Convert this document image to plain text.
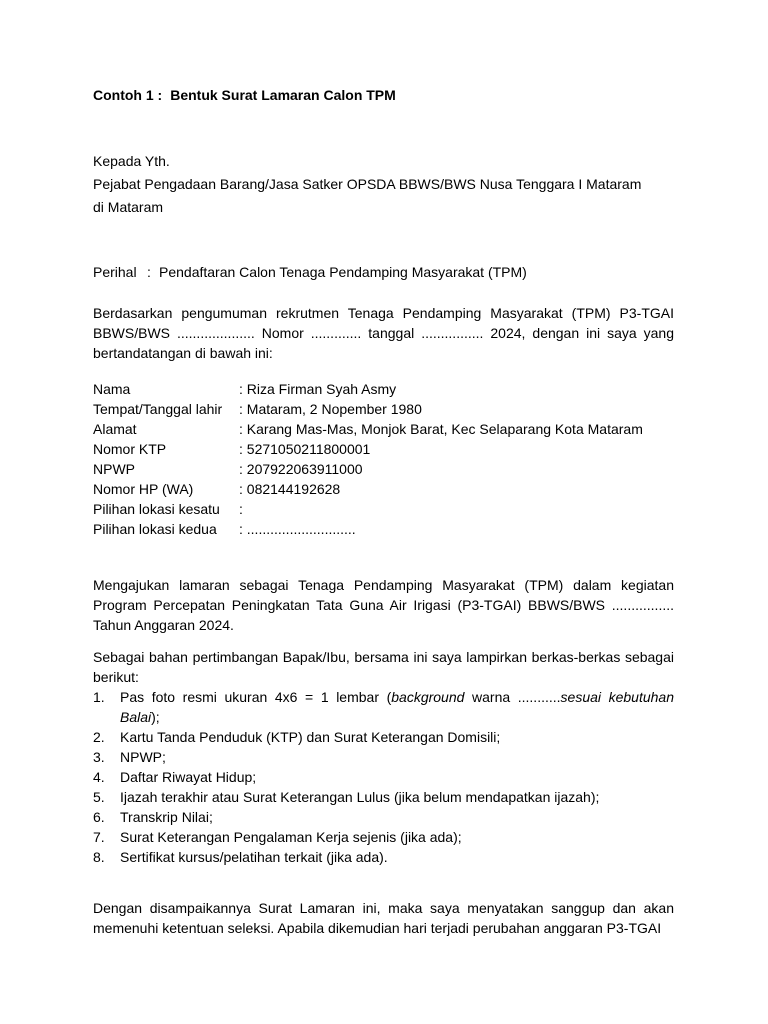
Contoh 1 : Bentuk Surat Lamaran Calon TPM

Kepada Yth.

Pejabat Pengadaan Barang/Jasa Satker OPSDA BBWS/BWS Nusa Tenggara I Mataram

di Mataram

Perihal : Pendaftaran Calon Tenaga Pendamping Masyarakat (TPM)

Berdasarkan pengumuman rekrutmen Tenaga Pendamping Masyarakat (TPM) P3-TGAI BBWS/BWS .................... Nomor ............. tanggal ................ 2024, dengan ini saya yang bertandatangan di bawah ini:

Nama	: Riza Firman Syah Asmy
Tempat/Tanggal lahir	: Mataram, 2 Nopember 1980
Alamat	: Karang Mas-Mas, Monjok Barat, Kec Selaparang Kota Mataram
Nomor KTP	: 5271050211800001
NPWP	: 207922063911000
Nomor HP (WA)	: 082144192628
Pilihan lokasi kesatu	:
Pilihan lokasi kedua	: ............................

Mengajukan lamaran sebagai Tenaga Pendamping Masyarakat (TPM) dalam kegiatan Program Percepatan Peningkatan Tata Guna Air Irigasi (P3-TGAI) BBWS/BWS ................ Tahun Anggaran 2024.

Sebagai bahan pertimbangan Bapak/Ibu, bersama ini saya lampirkan berkas-berkas sebagai berikut:

1. Pas foto resmi ukuran 4x6 = 1 lembar (background warna ...........sesuai kebutuhan Balai);
2. Kartu Tanda Penduduk (KTP) dan Surat Keterangan Domisili;
3. NPWP;
4. Daftar Riwayat Hidup;
5. Ijazah terakhir atau Surat Keterangan Lulus (jika belum mendapatkan ijazah);
6. Transkrip Nilai;
7. Surat Keterangan Pengalaman Kerja sejenis (jika ada);
8. Sertifikat kursus/pelatihan terkait (jika ada).

Dengan disampaikannya Surat Lamaran ini, maka saya menyatakan sanggup dan akan memenuhi ketentuan seleksi. Apabila dikemudian hari terjadi perubahan anggaran P3-TGAI
